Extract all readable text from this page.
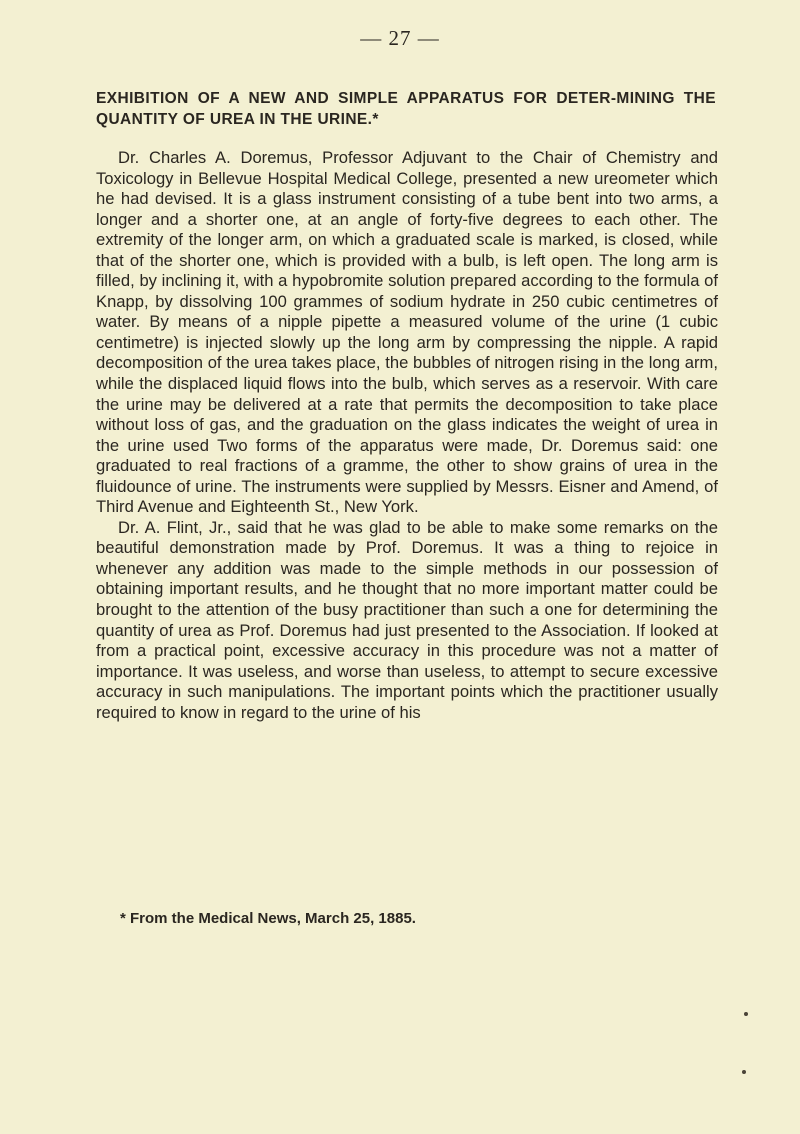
— 27 —
EXHIBITION OF A NEW AND SIMPLE APPARATUS FOR DETER-MINING THE QUANTITY OF UREA IN THE URINE.*

Dr. Charles A. Doremus, Professor Adjuvant to the Chair of Chemistry and Toxicology in Bellevue Hospital Medical College, presented a new ureometer which he had devised. It is a glass instrument consisting of a tube bent into two arms, a longer and a shorter one, at an angle of forty-five degrees to each other. The extremity of the longer arm, on which a graduated scale is marked, is closed, while that of the shorter one, which is provided with a bulb, is left open. The long arm is filled, by inclining it, with a hypobromite solution prepared according to the formula of Knapp, by dissolving 100 grammes of sodium hydrate in 250 cubic centimetres of water. By means of a nipple pipette a measured volume of the urine (1 cubic centimetre) is injected slowly up the long arm by compressing the nipple. A rapid decomposition of the urea takes place, the bubbles of nitrogen rising in the long arm, while the displaced liquid flows into the bulb, which serves as a reservoir. With care the urine may be delivered at a rate that permits the decomposition to take place without loss of gas, and the graduation on the glass indicates the weight of urea in the urine used Two forms of the apparatus were made, Dr. Doremus said: one graduated to real fractions of a gramme, the other to show grains of urea in the fluidounce of urine. The instruments were supplied by Messrs. Eisner and Amend, of Third Avenue and Eighteenth St., New York.

Dr. A. Flint, Jr., said that he was glad to be able to make some remarks on the beautiful demonstration made by Prof. Doremus. It was a thing to rejoice in whenever any addition was made to the simple methods in our possession of obtaining important results, and he thought that no more important matter could be brought to the attention of the busy practitioner than such a one for determining the quantity of urea as Prof. Doremus had just presented to the Association. If looked at from a practical point, excessive accuracy in this procedure was not a matter of importance. It was useless, and worse than useless, to attempt to secure excessive accuracy in such manipulations. The important points which the practitioner usually required to know in regard to the urine of his

* From the Medical News, March 25, 1885.
